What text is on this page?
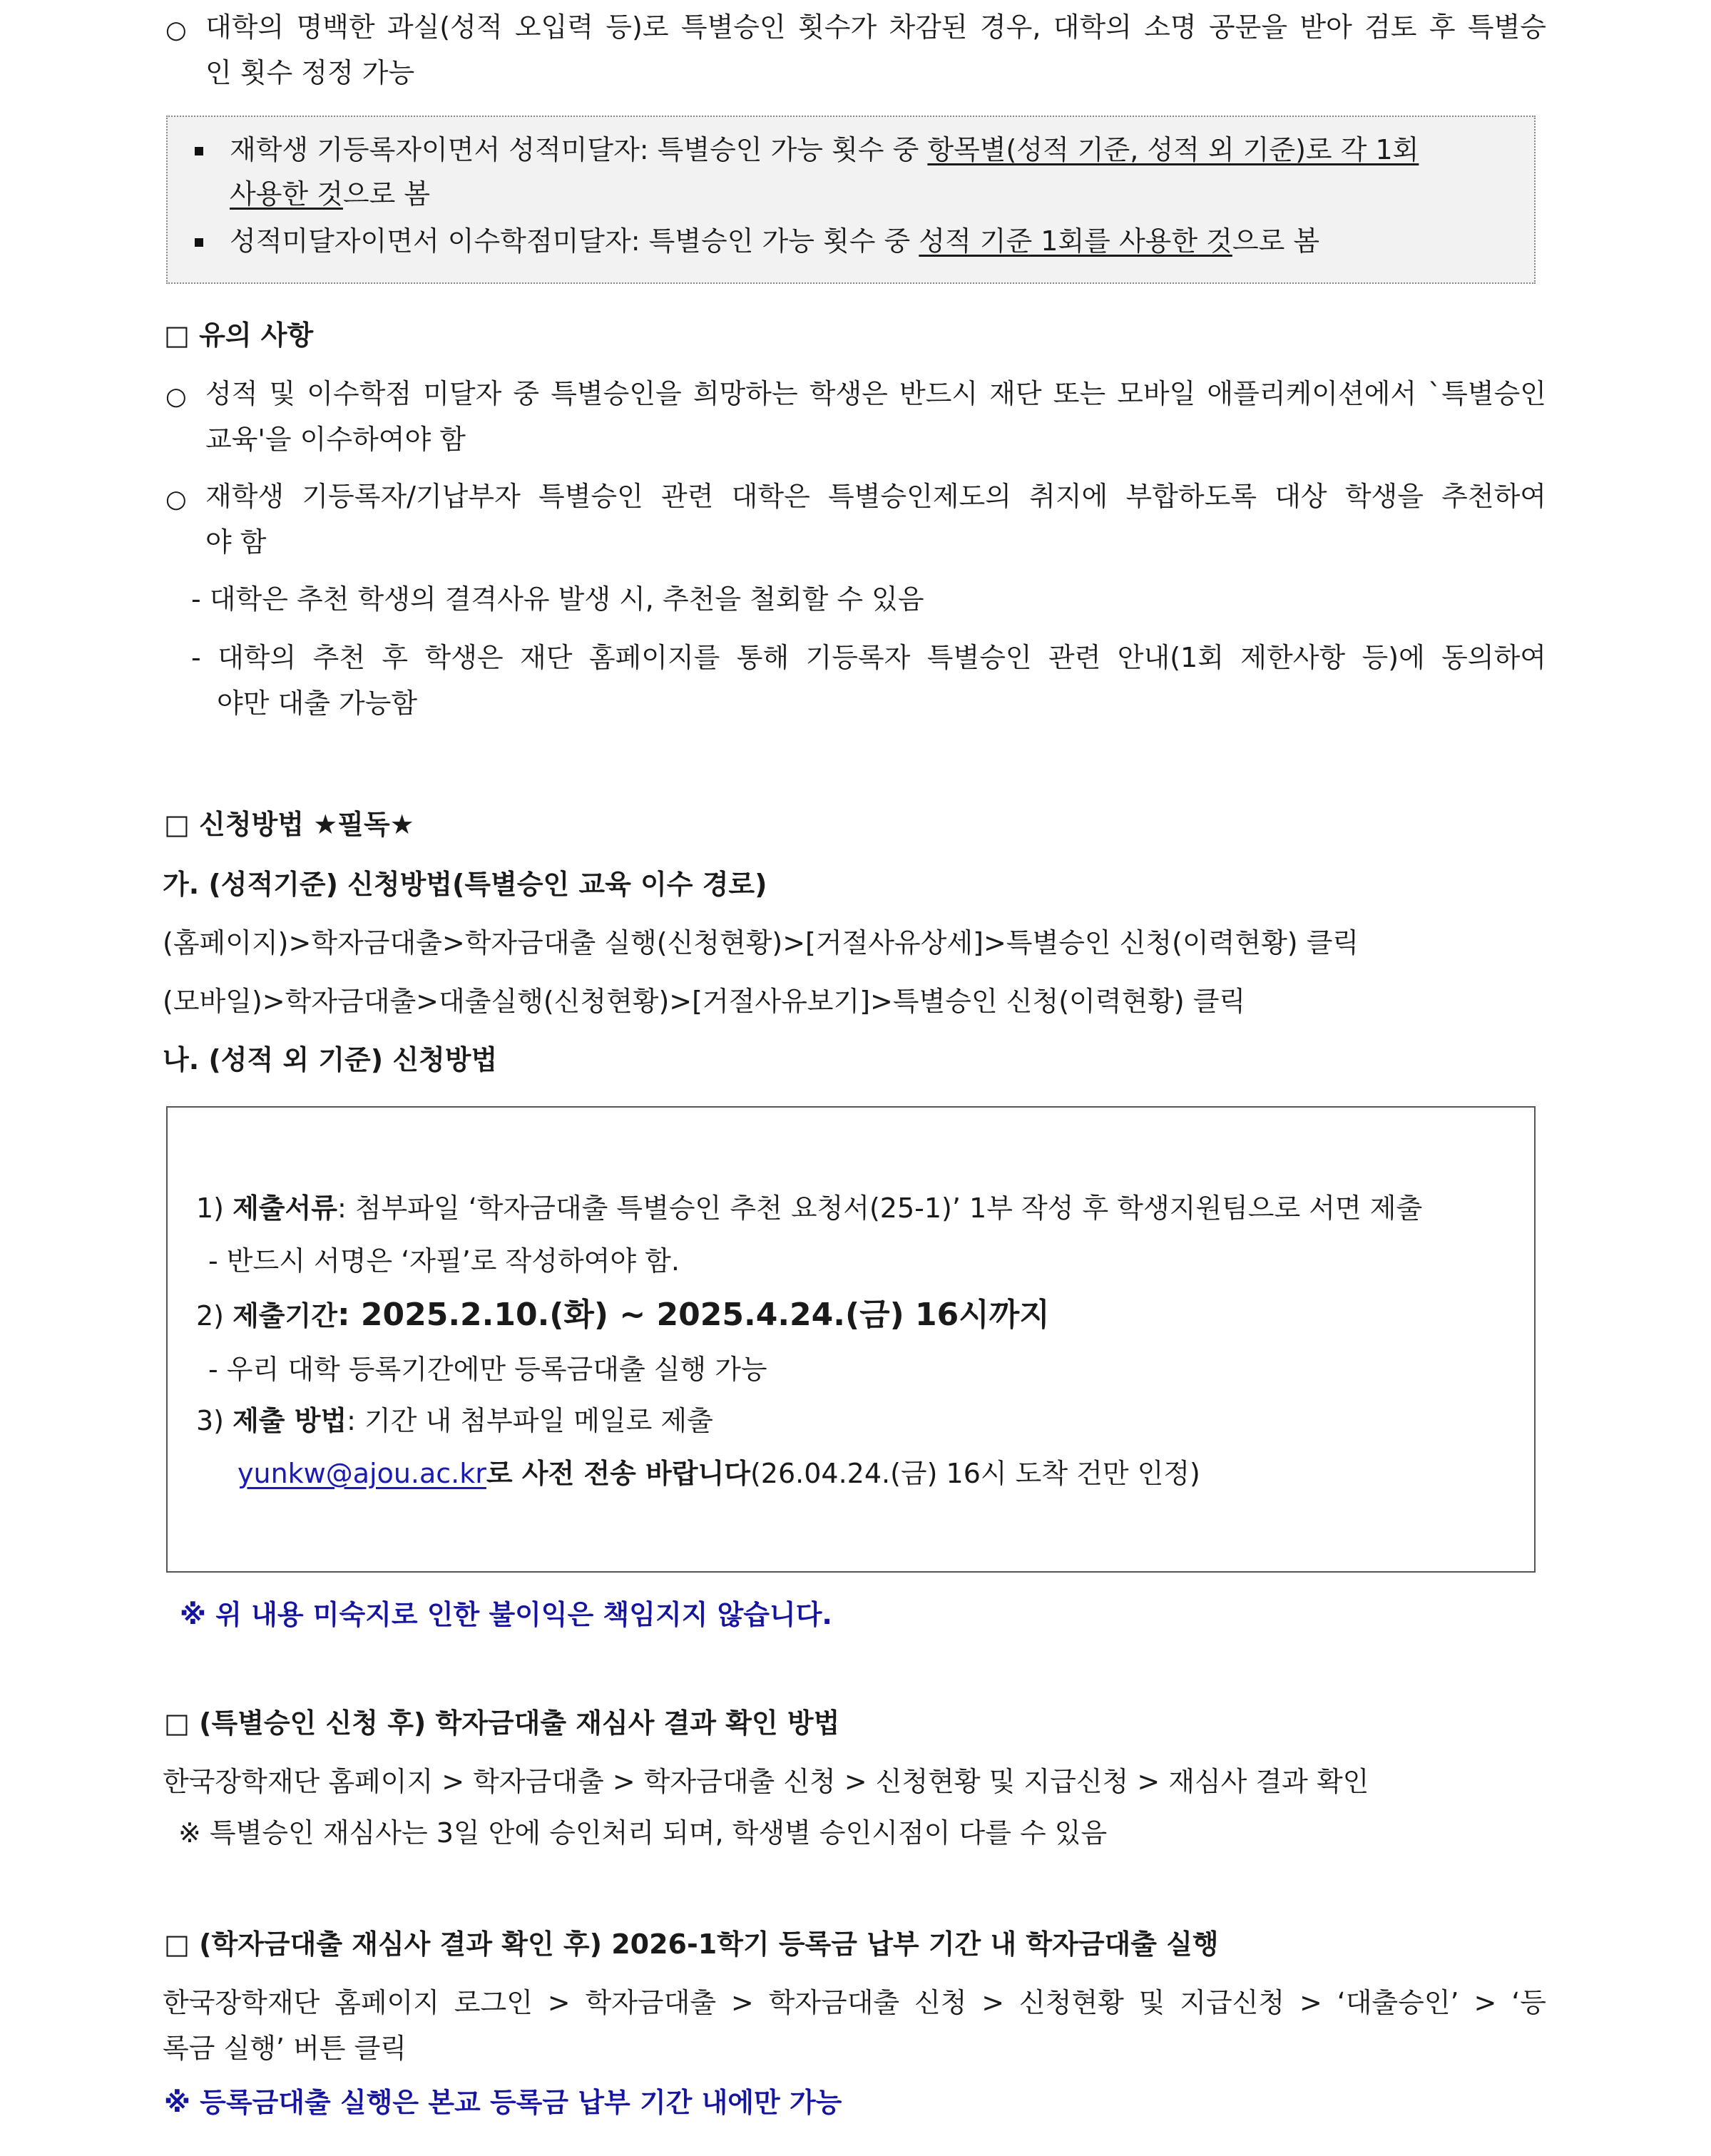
○ 대학의 명백한 과실(성적 오입력 등)로 특별승인 횟수가 차감된 경우, 대학의 소명 공문을 받아 검토 후 특별승
인 횟수 정정 가능
재학생 기등록자이면서 성적미달자: 특별승인 가능 횟수 중 항목별(성적 기준, 성적 외 기준)로 각 1회
사용한 것으로 봄
성적미달자이면서 이수학점미달자: 특별승인 가능 횟수 중 성적 기준 1회를 사용한 것으로 봄
□ 유의 사항
○ 성적 및 이수학점 미달자 중 특별승인을 희망하는 학생은 반드시 재단 또는 모바일 애플리케이션에서 `특별승인
교육'을 이수하여야 함
○ 재학생 기등록자/기납부자 특별승인 관련 대학은 특별승인제도의 취지에 부합하도록 대상 학생을 추천하여
야 함
- 대학은 추천 학생의 결격사유 발생 시, 추천을 철회할 수 있음
- 대학의 추천 후 학생은 재단 홈페이지를 통해 기등록자 특별승인 관련 안내(1회 제한사항 등)에 동의하여
야만 대출 가능함
□ 신청방법 ★필독★
가. (성적기준) 신청방법(특별승인 교육 이수 경로)
(홈페이지)>학자금대출>학자금대출 실행(신청현황)>[거절사유상세]>특별승인 신청(이력현황) 클릭
(모바일)>학자금대출>대출실행(신청현황)>[거절사유보기]>특별승인 신청(이력현황) 클릭
나. (성적 외 기준) 신청방법
1) 제출서류: 첨부파일 ‘학자금대출 특별승인 추천 요청서(25-1)’ 1부 작성 후 학생지원팀으로 서면 제출
- 반드시 서명은 ‘자필’로 작성하여야 함.
2) 제출기간: 2025.2.10.(화) ~ 2025.4.24.(금) 16시까지
- 우리 대학 등록기간에만 등록금대출 실행 가능
3) 제출 방법: 기간 내 첨부파일 메일로 제출
yunkw@ajou.ac.kr로 사전 전송 바랍니다(26.04.24.(금) 16시 도착 건만 인정)
※ 위 내용 미숙지로 인한 불이익은 책임지지 않습니다.
□ (특별승인 신청 후) 학자금대출 재심사 결과 확인 방법
한국장학재단 홈페이지 > 학자금대출 > 학자금대출 신청 > 신청현황 및 지급신청 > 재심사 결과 확인
※ 특별승인 재심사는 3일 안에 승인처리 되며, 학생별 승인시점이 다를 수 있음
□ (학자금대출 재심사 결과 확인 후) 2026-1학기 등록금 납부 기간 내 학자금대출 실행
한국장학재단 홈페이지 로그인 > 학자금대출 > 학자금대출 신청 > 신청현황 및 지급신청 > ‘대출승인’ > ‘등
록금 실행’ 버튼 클릭
※ 등록금대출 실행은 본교 등록금 납부 기간 내에만 가능
